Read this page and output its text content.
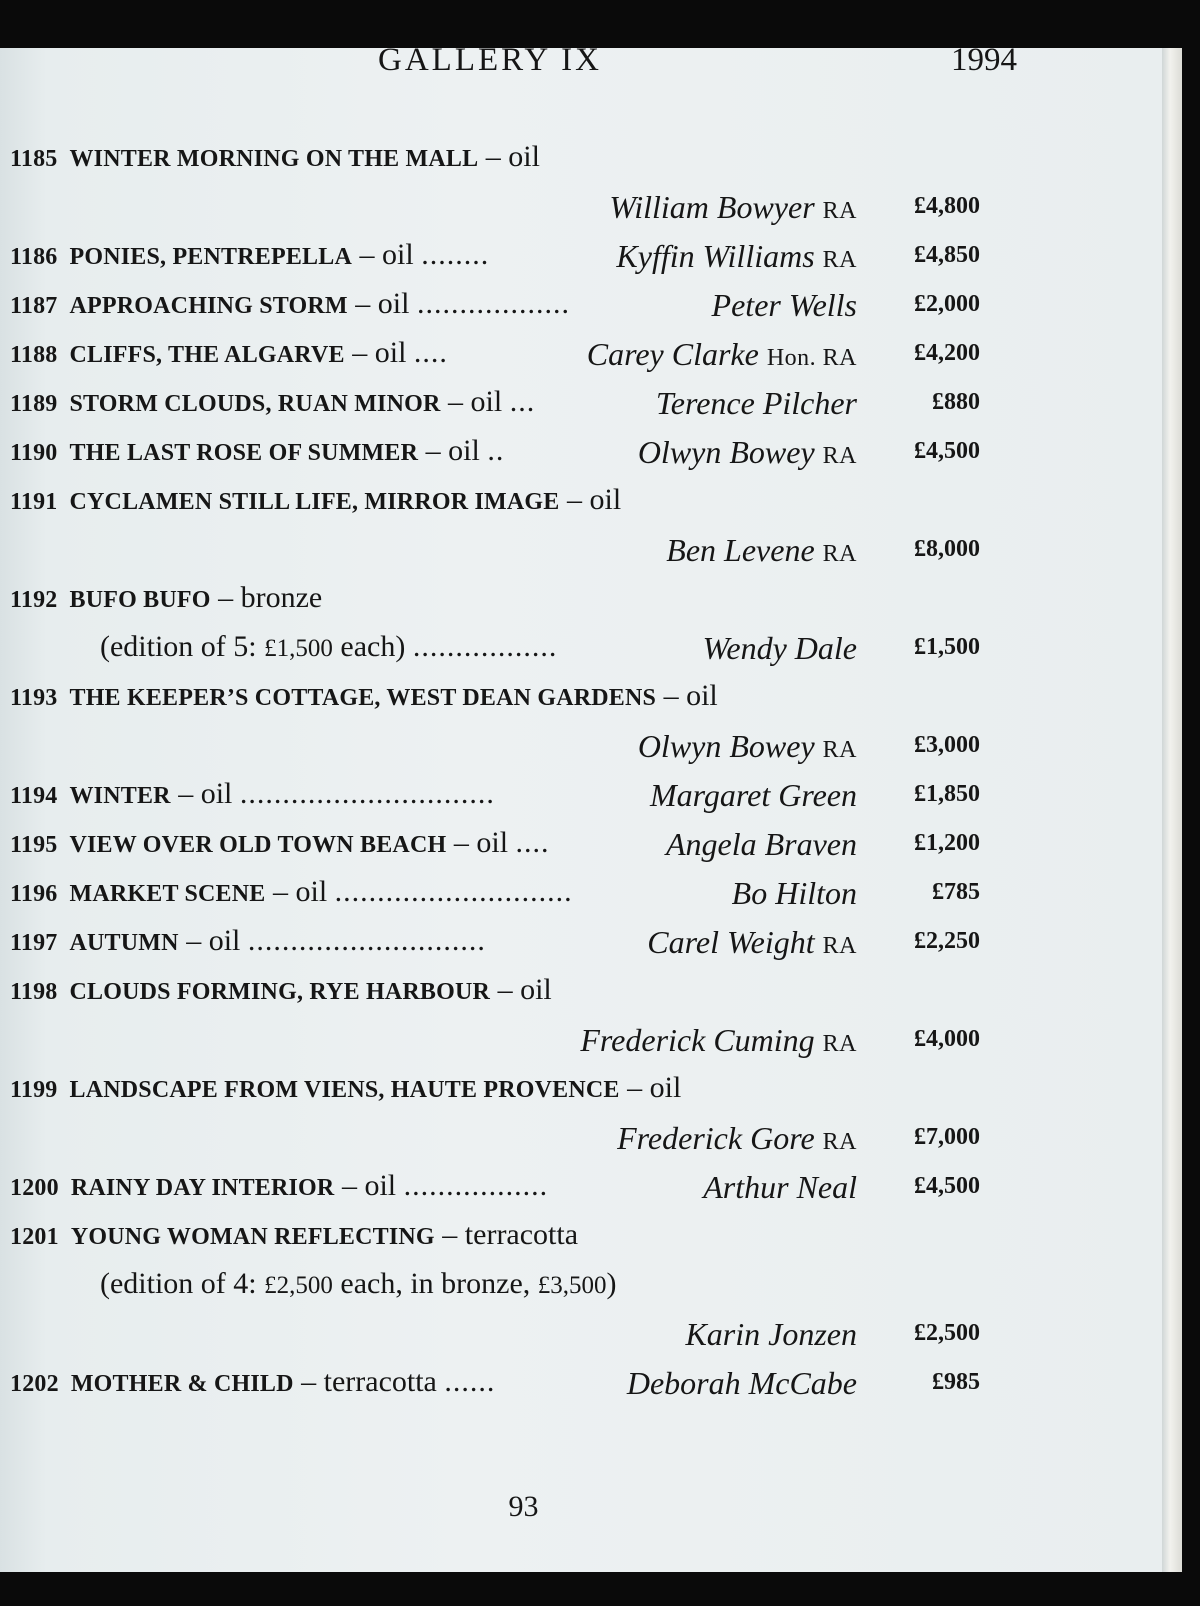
GALLERY IX	1994
1185 WINTER MORNING ON THE MALL – oil
William Bowyer RA £4,800
1186 PONIES, PENTREPELLA – oil ........	Kyffin Williams RA £4,850
1187 APPROACHING STORM – oil ..................	Peter Wells £2,000
1188 CLIFFS, THE ALGARVE – oil ....	Carey Clarke Hon. RA £4,200
1189 STORM CLOUDS, RUAN MINOR – oil ...	Terence Pilcher	£880
1190 THE LAST ROSE OF SUMMER – oil ..	Olwyn Bowey RA £4,500
1191 CYCLAMEN STILL LIFE, MIRROR IMAGE – oil
Ben Levene RA £8,000
1192 BUFO BUFO – bronze
(edition of 5: £1,500 each) .................	Wendy Dale £1,500
1193 THE KEEPER’S COTTAGE, WEST DEAN GARDENS – oil
Olwyn Bowey RA £3,000
1194 WINTER – oil ..............................	Margaret Green £1,850
1195 VIEW OVER OLD TOWN BEACH – oil ....	Angela Braven £1,200
1196 MARKET SCENE – oil ............................	Bo Hilton	£785
1197 AUTUMN – oil ............................	Carel Weight RA £2,250
1198 CLOUDS FORMING, RYE HARBOUR – oil
Frederick Cuming RA £4,000
1199 LANDSCAPE FROM VIENS, HAUTE PROVENCE – oil
Frederick Gore RA £7,000
1200 RAINY DAY INTERIOR – oil .................	Arthur Neal £4,500
1201 YOUNG WOMAN REFLECTING – terracotta
(edition of 4: £2,500 each, in bronze, £3,500)
Karin Jonzen £2,500
1202 MOTHER & CHILD – terracotta ......	Deborah McCabe	£985
93
